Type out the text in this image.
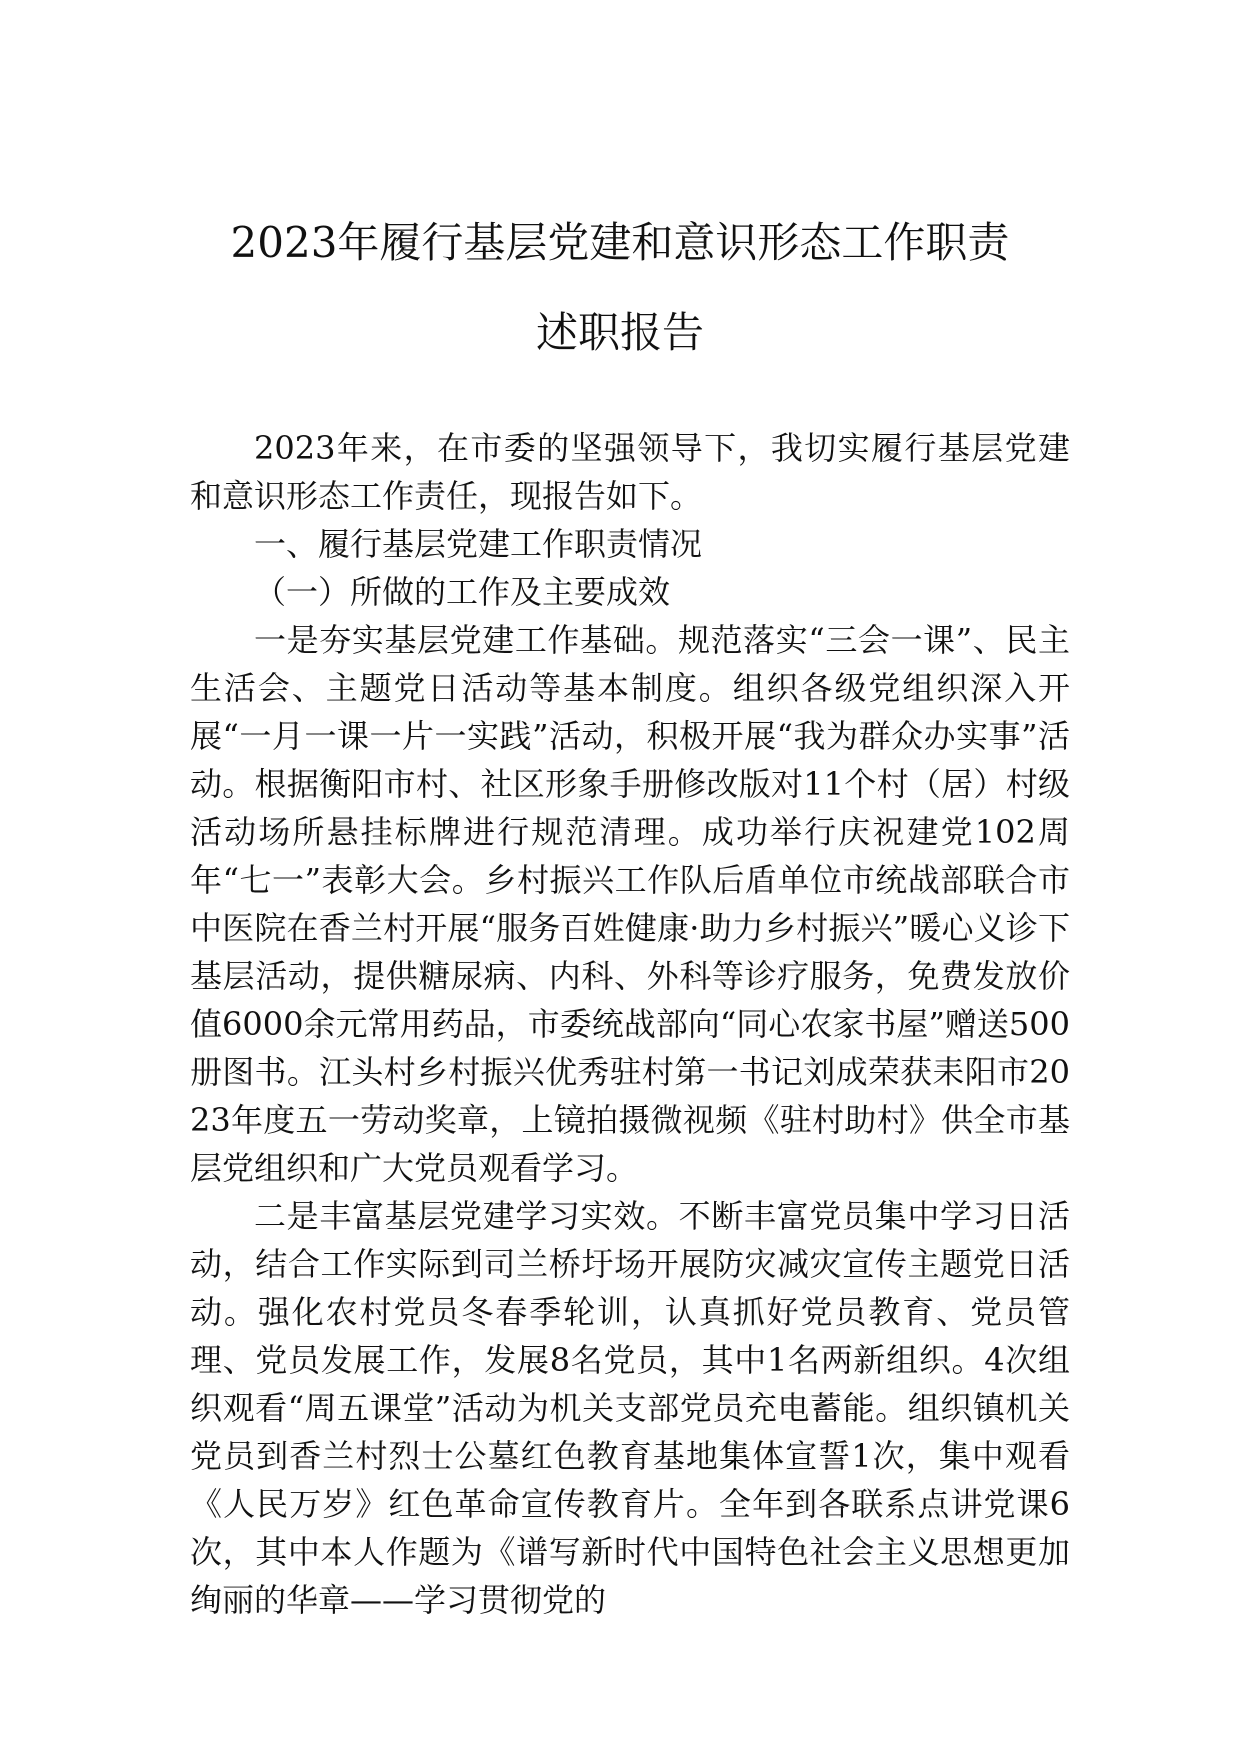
2023年履行基层党建和意识形态工作职责
述职报告

2023年来，在市委的坚强领导下，我切实履行基层党建和意识形态工作责任，现报告如下。

一、履行基层党建工作职责情况

（一）所做的工作及主要成效

一是夯实基层党建工作基础。规范落实“三会一课”、民主生活会、主题党日活动等基本制度。组织各级党组织深入开展“一月一课一片一实践”活动，积极开展“我为群众办实事”活动。根据衡阳市村、社区形象手册修改版对11个村（居）村级活动场所悬挂标牌进行规范清理。成功举行庆祝建党102周年“七一”表彰大会。乡村振兴工作队后盾单位市统战部联合市中医院在香兰村开展“服务百姓健康·助力乡村振兴”暖心义诊下基层活动，提供糖尿病、内科、外科等诊疗服务，免费发放价值6000余元常用药品，市委统战部向“同心农家书屋”赠送500册图书。江头村乡村振兴优秀驻村第一书记刘成荣获耒阳市2023年度五一劳动奖章，上镜拍摄微视频《驻村助村》供全市基层党组织和广大党员观看学习。

二是丰富基层党建学习实效。不断丰富党员集中学习日活动，结合工作实际到司兰桥圩场开展防灾减灾宣传主题党日活动。强化农村党员冬春季轮训，认真抓好党员教育、党员管理、党员发展工作，发展8名党员，其中1名两新组织。4次组织观看“周五课堂”活动为机关支部党员充电蓄能。组织镇机关党员到香兰村烈士公墓红色教育基地集体宣誓1次，集中观看《人民万岁》红色革命宣传教育片。全年到各联系点讲党课6次，其中本人作题为《谱写新时代中国特色社会主义思想更加绚丽的华章——学习贯彻党的
